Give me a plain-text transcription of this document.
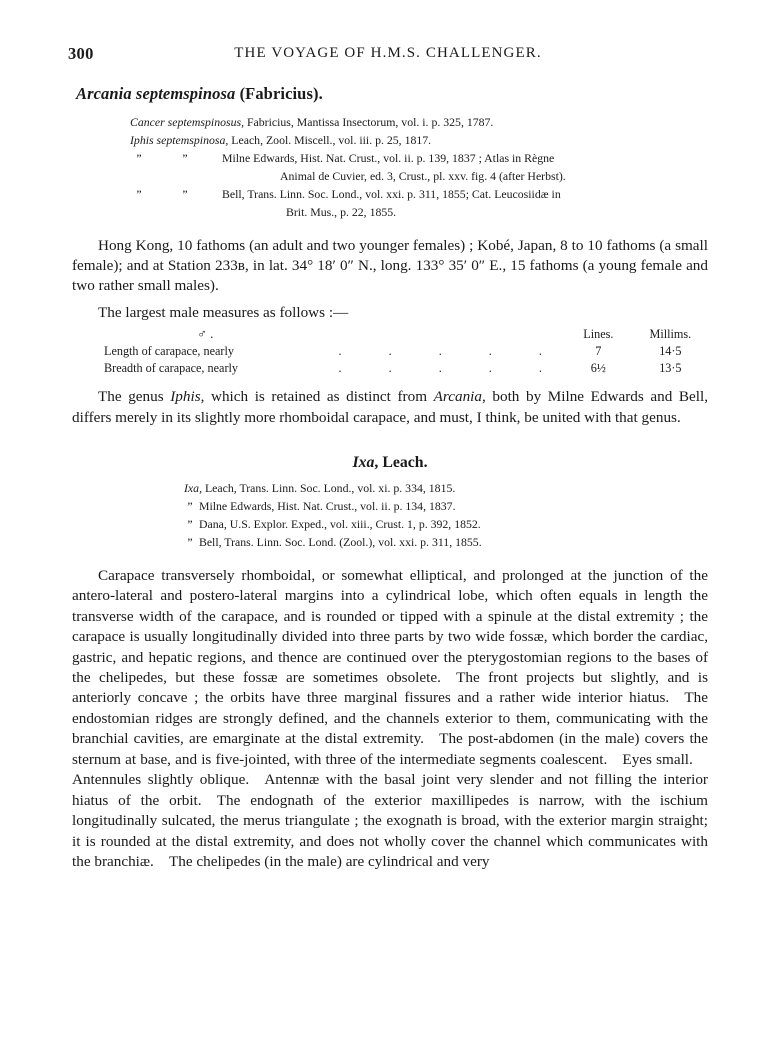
300	THE VOYAGE OF H.M.S. CHALLENGER.
Arcania septemspinosa (Fabricius).
Cancer septemspinosus, Fabricius, Mantissa Insectorum, vol. i. p. 325, 1787.
Iphis septemspinosa, Leach, Zool. Miscell., vol. iii. p. 25, 1817.
”	”	Milne Edwards, Hist. Nat. Crust., vol. ii. p. 139, 1837 ; Atlas in Règne
Animal de Cuvier, ed. 3, Crust., pl. xxv. fig. 4 (after Herbst).
”	”	Bell, Trans. Linn. Soc. Lond., vol. xxi. p. 311, 1855; Cat. Leucosiidæ in
Brit. Mus., p. 22, 1855.

Hong Kong, 10 fathoms (an adult and two younger females) ; Kobé, Japan, 8 to 10 fathoms (a small female); and at Station 233ʙ, in lat. 34° 18′ 0″ N., long. 133° 35′ 0″ E., 15 fathoms (a young female and two rather small males).

The largest male measures as follows :—

♂ .		Lines.	Millims.
Length of carapace, nearly	. . . . .	7	14·5
Breadth of carapace, nearly	. . . . .	6½	13·5

The genus Iphis, which is retained as distinct from Arcania, both by Milne Edwards and Bell, differs merely in its slightly more rhomboidal carapace, and must, I think, be united with that genus.

Ixa, Leach.
Ixa, Leach, Trans. Linn. Soc. Lond., vol. xi. p. 334, 1815.
” Milne Edwards, Hist. Nat. Crust., vol. ii. p. 134, 1837.
” Dana, U.S. Explor. Exped., vol. xiii., Crust. 1, p. 392, 1852.
” Bell, Trans. Linn. Soc. Lond. (Zool.), vol. xxi. p. 311, 1855.

Carapace transversely rhomboidal, or somewhat elliptical, and prolonged at the junction of the antero-lateral and postero-lateral margins into a cylindrical lobe, which often equals in length the transverse width of the carapace, and is rounded or tipped with a spinule at the distal extremity ; the carapace is usually longitudinally divided into three parts by two wide fossæ, which border the cardiac, gastric, and hepatic regions, and thence are continued over the pterygostomian regions to the bases of the chelipedes, but these fossæ are sometimes obsolete. The front projects but slightly, and is anteriorly concave ; the orbits have three marginal fissures and a rather wide interior hiatus. The endostomian ridges are strongly defined, and the channels exterior to them, communicating with the branchial cavities, are emarginate at the distal extremity. The post-abdomen (in the male) covers the sternum at base, and is five-jointed, with three of the intermediate segments coalescent. Eyes small. Antennules slightly oblique. Antennæ with the basal joint very slender and not filling the interior hiatus of the orbit. The endognath of the exterior maxillipedes is narrow, with the ischium longitudinally sulcated, the merus triangulate ; the exognath is broad, with the exterior margin straight; it is rounded at the distal extremity, and does not wholly cover the channel which communicates with the branchiæ. The chelipedes (in the male) are cylindrical and very
